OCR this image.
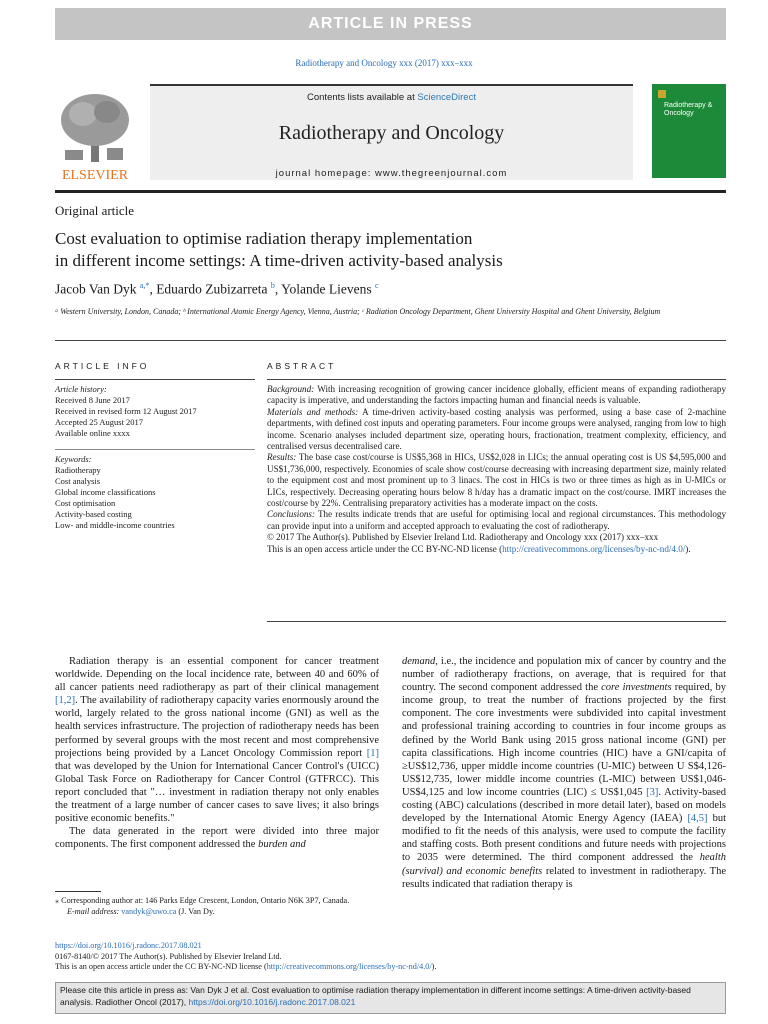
ARTICLE IN PRESS
Radiotherapy and Oncology xxx (2017) xxx–xxx
ELSEVIER
Contents lists available at ScienceDirect
Radiotherapy and Oncology
journal homepage: www.thegreenjournal.com
Radiotherapy & Oncology
Original article
Cost evaluation to optimise radiation therapy implementation
in different income settings: A time-driven activity-based analysis
Jacob Van Dyk $^{a,*}$, Eduardo Zubizarreta $^b$, Yolande Lievens $^c$
ᵃ Western University, London, Canada; ᵇ International Atomic Energy Agency, Vienna, Austria; ᶜ Radiation Oncology Department, Ghent University Hospital and Ghent University, Belgium
ARTICLE INFO	ABSTRACT
Article history:
Received 8 June 2017
Received in revised form 12 August 2017
Accepted 25 August 2017
Available online xxxx
Keywords:
Radiotherapy
Cost analysis
Global income classifications
Cost optimisation
Activity-based costing
Low- and middle-income countries
Background: With increasing recognition of growing cancer incidence globally, efficient means of expanding radiotherapy capacity is imperative, and understanding the factors impacting human and financial needs is valuable.
Materials and methods: A time-driven activity-based costing analysis was performed, using a base case of 2-machine departments, with defined cost inputs and operating parameters. Four income groups were analysed, ranging from low to high income. Scenario analyses included department size, operating hours, fractionation, treatment complexity, efficiency, and centralised versus decentralised care.
Results: The base case cost/course is US$5,368 in HICs, US$2,028 in LICs; the annual operating cost is US $4,595,000 and US$1,736,000, respectively. Economies of scale show cost/course decreasing with increasing department size, mainly related to the equipment cost and most prominent up to 3 linacs. The cost in HICs is two or three times as high as in U-MICs or LICs, respectively. Decreasing operating hours below 8 h/day has a dramatic impact on the cost/course. IMRT increases the cost/course by 22%. Centralising preparatory activities has a moderate impact on the costs.
Conclusions: The results indicate trends that are useful for optimising local and regional circumstances. This methodology can provide input into a uniform and accepted approach to evaluating the cost of radiotherapy.
© 2017 The Author(s). Published by Elsevier Ireland Ltd. Radiotherapy and Oncology xxx (2017) xxx–xxx
This is an open access article under the CC BY-NC-ND license (http://creativecommons.org/licenses/by-nc-nd/4.0/).

Radiation therapy is an essential component for cancer treatment worldwide. Depending on the local incidence rate, between 40 and 60% of all cancer patients need radiotherapy as part of their clinical management [1,2]. The availability of radiotherapy capacity varies enormously around the world, largely related to the gross national income (GNI) as well as the health services infrastructure. The projection of radiotherapy needs has been performed by several groups with the most recent and most comprehensive projections being provided by a Lancet Oncology Commission report [1] that was developed by the Union for International Cancer Control's (UICC) Global Task Force on Radiotherapy for Cancer Control (GTFRCC). This report concluded that "… investment in radiation therapy not only enables the treatment of a large number of cancer cases to save lives; it also brings positive economic benefits."

The data generated in the report were divided into three major components. The first component addressed the burden and

demand, i.e., the incidence and population mix of cancer by country and the number of radiotherapy fractions, on average, that is required for that country. The second component addressed the core investments required, by income group, to treat the number of fractions projected by the first component. The core investments were subdivided into capital investment and professional training according to countries in four income groups as defined by the World Bank using 2015 gross national income (GNI) per capita classifications. High income countries (HIC) have a GNI/capita of ≥US$12,736, upper middle income countries (U-MIC) between U S$4,126-US$12,735, lower middle income countries (L-MIC) between US$1,046-US$4,125 and low income countries (LIC) ≤ US$1,045 [3]. Activity-based costing (ABC) calculations (described in more detail later), based on models developed by the International Atomic Energy Agency (IAEA) [4,5] but modified to fit the needs of this analysis, were used to compute the facility and staffing costs. Both present conditions and future needs with projections to 2035 were determined. The third component addressed the health (survival) and economic benefits related to investment in radiotherapy. The results indicated that radiation therapy is

⁎ Corresponding author at: 146 Parks Edge Crescent, London, Ontario N6K 3P7, Canada.
E-mail address: vandyk@uwo.ca (J. Van Dy.
https://doi.org/10.1016/j.radonc.2017.08.021
0167-8140/© 2017 The Author(s). Published by Elsevier Ireland Ltd.
This is an open access article under the CC BY-NC-ND license (http://creativecommons.org/licenses/by-nc-nd/4.0/).
Please cite this article in press as: Van Dyk J et al. Cost evaluation to optimise radiation therapy implementation in different income settings: A time-driven activity-based analysis. Radiother Oncol (2017), https://doi.org/10.1016/j.radonc.2017.08.021
